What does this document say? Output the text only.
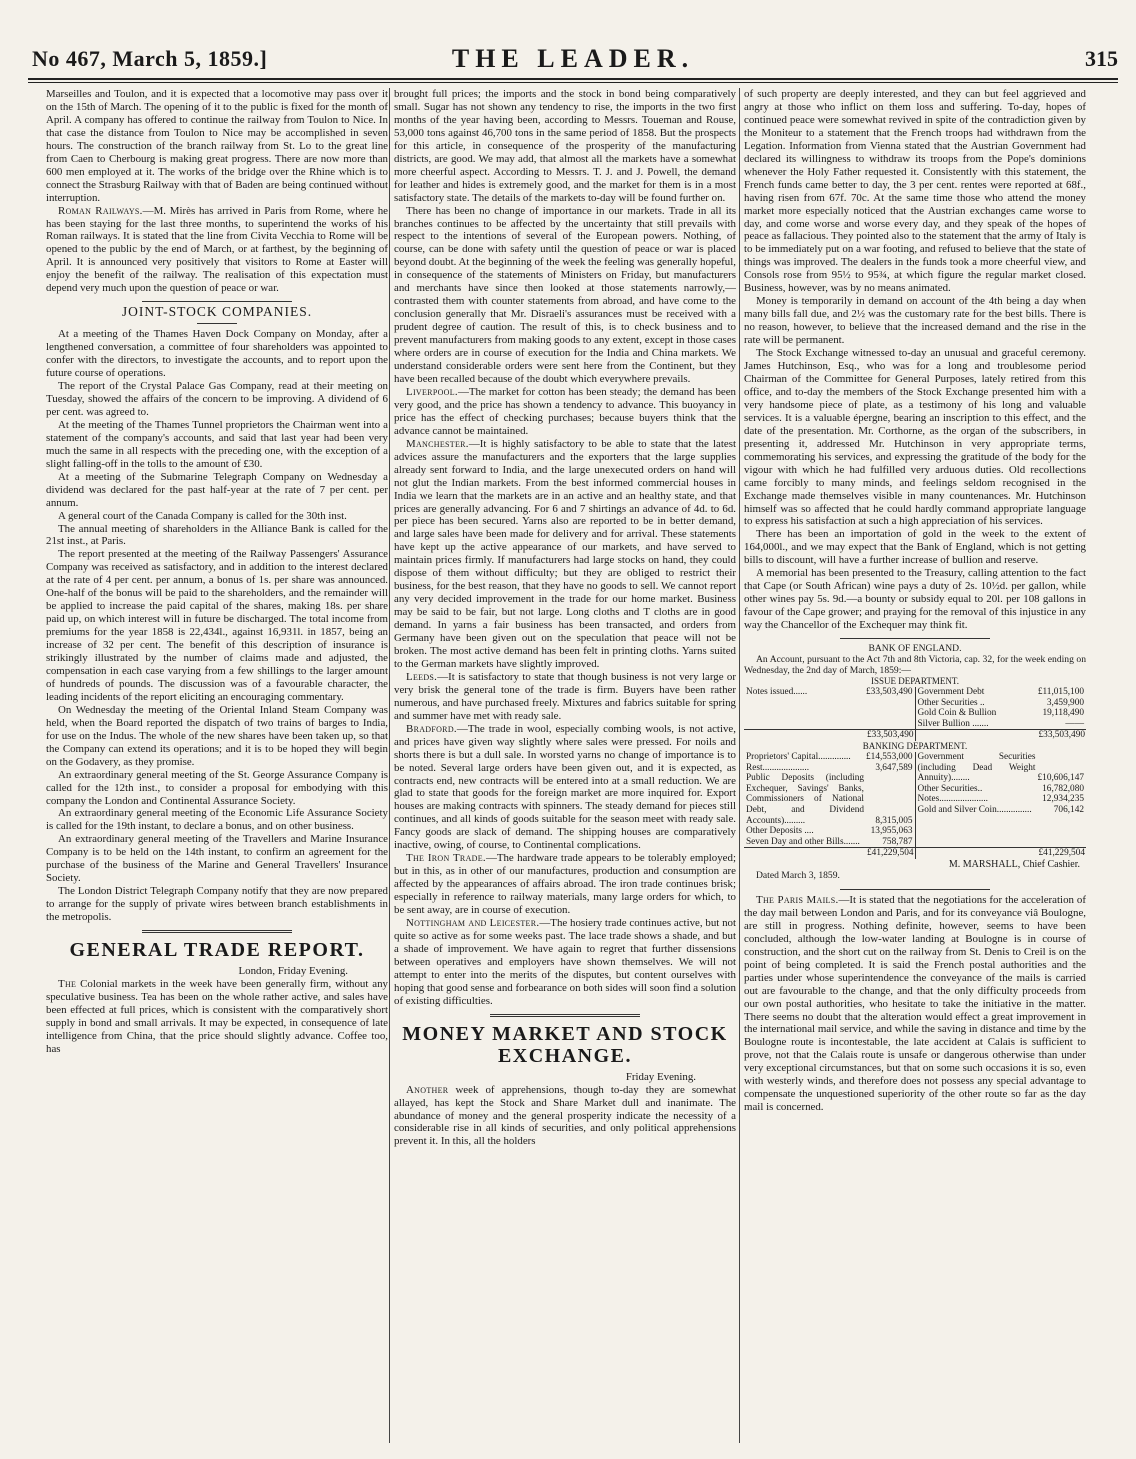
No 467, March 5, 1859.]	THE LEADER.	315

Marseilles and Toulon, and it is expected that a locomotive may pass over it on the 15th of March. The opening of it to the public is fixed for the month of April. A company has offered to continue the railway from Toulon to Nice. In that case the distance from Toulon to Nice may be accomplished in seven hours. The construction of the branch railway from St. Lo to the great line from Caen to Cherbourg is making great progress. There are now more than 600 men employed at it. The works of the bridge over the Rhine which is to connect the Strasburg Railway with that of Baden are being continued without interruption.

Roman Railways.—M. Mirès has arrived in Paris from Rome, where he has been staying for the last three months, to superintend the works of his Roman railways. It is stated that the line from Civita Vecchia to Rome will be opened to the public by the end of March, or at farthest, by the beginning of April. It is announced very positively that visitors to Rome at Easter will enjoy the benefit of the railway. The realisation of this expectation must depend very much upon the question of peace or war.

JOINT-STOCK COMPANIES.

At a meeting of the Thames Haven Dock Company on Monday, after a lengthened conversation, a committee of four shareholders was appointed to confer with the directors, to investigate the accounts, and to report upon the future course of operations.

The report of the Crystal Palace Gas Company, read at their meeting on Tuesday, showed the affairs of the concern to be improving. A dividend of 6 per cent. was agreed to.

At the meeting of the Thames Tunnel proprietors the Chairman went into a statement of the company's accounts, and said that last year had been very much the same in all respects with the preceding one, with the exception of a slight falling-off in the tolls to the amount of £30.

At a meeting of the Submarine Telegraph Company on Wednesday a dividend was declared for the past half-year at the rate of 7 per cent. per annum.

A general court of the Canada Company is called for the 30th inst.

The annual meeting of shareholders in the Alliance Bank is called for the 21st inst., at Paris.

The report presented at the meeting of the Railway Passengers' Assurance Company was received as satisfactory, and in addition to the interest declared at the rate of 4 per cent. per annum, a bonus of 1s. per share was announced. One-half of the bonus will be paid to the shareholders, and the remainder will be applied to increase the paid capital of the shares, making 18s. per share paid up, on which interest will in future be discharged. The total income from premiums for the year 1858 is 22,434l., against 16,931l. in 1857, being an increase of 32 per cent. The benefit of this description of insurance is strikingly illustrated by the number of claims made and adjusted, the compensation in each case varying from a few shillings to the larger amount of hundreds of pounds. The discussion was of a favourable character, the leading incidents of the report eliciting an encouraging commentary.

On Wednesday the meeting of the Oriental Inland Steam Company was held, when the Board reported the dispatch of two trains of barges to India, for use on the Indus. The whole of the new shares have been taken up, so that the Company can extend its operations; and it is to be hoped they will begin on the Godavery, as they promise.

An extraordinary general meeting of the St. George Assurance Company is called for the 12th inst., to consider a proposal for embodying with this company the London and Continental Assurance Society.

An extraordinary general meeting of the Economic Life Assurance Society is called for the 19th instant, to declare a bonus, and on other business.

An extraordinary general meeting of the Travellers and Marine Insurance Company is to be held on the 14th instant, to confirm an agreement for the purchase of the business of the Marine and General Travellers' Insurance Society.

The London District Telegraph Company notify that they are now prepared to arrange for the supply of private wires between branch establishments in the metropolis.

GENERAL TRADE REPORT.

London, Friday Evening.

The Colonial markets in the week have been generally firm, without any speculative business. Tea has been on the whole rather active, and sales have been effected at full prices, which is consistent with the comparatively short supply in bond and small arrivals. It may be expected, in consequence of late intelligence from China, that the price should slightly advance. Coffee too, has

brought full prices; the imports and the stock in bond being comparatively small. Sugar has not shown any tendency to rise, the imports in the two first months of the year having been, according to Messrs. Toueman and Rouse, 53,000 tons against 46,700 tons in the same period of 1858. But the prospects for this article, in consequence of the prosperity of the manufacturing districts, are good. We may add, that almost all the markets have a somewhat more cheerful aspect. According to Messrs. T. J. and J. Powell, the demand for leather and hides is extremely good, and the market for them is in a most satisfactory state. The details of the markets to-day will be found further on.

There has been no change of importance in our markets. Trade in all its branches continues to be affected by the uncertainty that still prevails with respect to the intentions of several of the European powers. Nothing, of course, can be done with safety until the question of peace or war is placed beyond doubt. At the beginning of the week the feeling was generally hopeful, in consequence of the statements of Ministers on Friday, but manufacturers and merchants have since then looked at those statements narrowly,—contrasted them with counter statements from abroad, and have come to the conclusion generally that Mr. Disraeli's assurances must be received with a prudent degree of caution. The result of this, is to check business and to prevent manufacturers from making goods to any extent, except in those cases where orders are in course of execution for the India and China markets. We understand considerable orders were sent here from the Continent, but they have been recalled because of the doubt which everywhere prevails.

Liverpool.—The market for cotton has been steady; the demand has been very good, and the price has shown a tendency to advance. This buoyancy in price has the effect of checking purchases; because buyers think that the advance cannot be maintained.

Manchester.—It is highly satisfactory to be able to state that the latest advices assure the manufacturers and the exporters that the large supplies already sent forward to India, and the large unexecuted orders on hand will not glut the Indian markets. From the best informed commercial houses in India we learn that the markets are in an active and an healthy state, and that prices are generally advancing. For 6 and 7 shirtings an advance of 4d. to 6d. per piece has been secured. Yarns also are reported to be in better demand, and large sales have been made for delivery and for arrival. These statements have kept up the active appearance of our markets, and have served to maintain prices firmly. If manufacturers had large stocks on hand, they could dispose of them without difficulty; but they are obliged to restrict their business, for the best reason, that they have no goods to sell. We cannot report any very decided improvement in the trade for our home market. Business may be said to be fair, but not large. Long cloths and T cloths are in good demand. In yarns a fair business has been transacted, and orders from Germany have been given out on the speculation that peace will not be broken. The most active demand has been felt in printing cloths. Yarns suited to the German markets have slightly improved.

Leeds.—It is satisfactory to state that though business is not very large or very brisk the general tone of the trade is firm. Buyers have been rather numerous, and have purchased freely. Mixtures and fabrics suitable for spring and summer have met with ready sale.

Bradford.—The trade in wool, especially combing wools, is not active, and prices have given way slightly where sales were pressed. For noils and shorts there is but a dull sale. In worsted yarns no change of importance is to be noted. Several large orders have been given out, and it is expected, as contracts end, new contracts will be entered into at a small reduction. We are glad to state that goods for the foreign market are more inquired for. Export houses are making contracts with spinners. The steady demand for pieces still continues, and all kinds of goods suitable for the season meet with ready sale. Fancy goods are slack of demand. The shipping houses are comparatively inactive, owing, of course, to Continental complications.

The Iron Trade.—The hardware trade appears to be tolerably employed; but in this, as in other of our manufactures, production and consumption are affected by the appearances of affairs abroad. The iron trade continues brisk; especially in reference to railway materials, many large orders for which, to be sent away, are in course of execution.

Nottingham and Leicester.—The hosiery trade continues active, but not quite so active as for some weeks past. The lace trade shows a shade, and but a shade of improvement. We have again to regret that further dissensions between operatives and employers have shown themselves. We will not attempt to enter into the merits of the disputes, but content ourselves with hoping that good sense and forbearance on both sides will soon find a solution of existing difficulties.

MONEY MARKET AND STOCK EXCHANGE.

Friday Evening.

Another week of apprehensions, though to-day they are somewhat allayed, has kept the Stock and Share Market dull and inanimate. The abundance of money and the general prosperity indicate the necessity of a considerable rise in all kinds of securities, and only political apprehensions prevent it. In this, all the holders

of such property are deeply interested, and they can but feel aggrieved and angry at those who inflict on them loss and suffering. To-day, hopes of continued peace were somewhat revived in spite of the contradiction given by the Moniteur to a statement that the French troops had withdrawn from the Legation. Information from Vienna stated that the Austrian Government had declared its willingness to withdraw its troops from the Pope's dominions whenever the Holy Father requested it. Consistently with this statement, the French funds came better to day, the 3 per cent. rentes were reported at 68f., having risen from 67f. 70c. At the same time those who attend the money market more especially noticed that the Austrian exchanges came worse to day, and come worse and worse every day, and they speak of the hopes of peace as fallacious. They pointed also to the statement that the army of Italy is to be immediately put on a war footing, and refused to believe that the state of things was improved. The dealers in the funds took a more cheerful view, and Consols rose from 95½ to 95¾, at which figure the regular market closed. Business, however, was by no means animated.

Money is temporarily in demand on account of the 4th being a day when many bills fall due, and 2½ was the customary rate for the best bills. There is no reason, however, to believe that the increased demand and the rise in the rate will be permanent.

The Stock Exchange witnessed to-day an unusual and graceful ceremony. James Hutchinson, Esq., who was for a long and troublesome period Chairman of the Committee for General Purposes, lately retired from this office, and to-day the members of the Stock Exchange presented him with a very handsome piece of plate, as a testimony of his long and valuable services. It is a valuable épergne, bearing an inscription to this effect, and the date of the presentation. Mr. Corthorne, as the organ of the subscribers, in presenting it, addressed Mr. Hutchinson in very appropriate terms, commemorating his services, and expressing the gratitude of the body for the vigour with which he had fulfilled very arduous duties. Old recollections came forcibly to many minds, and feelings seldom recognised in the Exchange made themselves visible in many countenances. Mr. Hutchinson himself was so affected that he could hardly command appropriate language to express his satisfaction at such a high appreciation of his services.

There has been an importation of gold in the week to the extent of 164,000l., and we may expect that the Bank of England, which is not getting bills to discount, will have a further increase of bullion and reserve.

A memorial has been presented to the Treasury, calling attention to the fact that Cape (or South African) wine pays a duty of 2s. 10½d. per gallon, while other wines pay 5s. 9d.—a bounty or subsidy equal to 20l. per 108 gallons in favour of the Cape grower; and praying for the removal of this injustice in any way the Chancellor of the Exchequer may think fit.

BANK OF ENGLAND.

An Account, pursuant to the Act 7th and 8th Victoria, cap. 32, for the week ending on Wednesday, the 2nd day of March, 1859:—

ISSUE DEPARTMENT.
Notes issued......	£33,503,490
	Government Debt	£11,015,100
Other Securities ..	3,459,900
Gold Coin & Bullion	19,118,490
Silver Bullion .......	——

£33,503,490	£33,503,490
BANKING DEPARTMENT.
Proprietors' Capital..............	£14,553,000
Rest....................	3,647,589
Public Deposits (including Exchequer, Savings' Banks, Commissioners of National Debt, and Dividend Accounts).........	8,315,005
Other Deposits ....	13,955,063
Seven Day and other Bills.......	758,787

Government Securities (including Dead Weight Annuity)........	£10,606,147
Other Securities..	16,782,080
Notes.....................	12,934,235
Gold and Silver Coin...............	706,142

£41,229,504	£41,229,504
M. MARSHALL, Chief Cashier.
Dated March 3, 1859.

The Paris Mails.—It is stated that the negotiations for the acceleration of the day mail between London and Paris, and for its conveyance viâ Boulogne, are still in progress. Nothing definite, however, seems to have been concluded, although the low-water landing at Boulogne is in course of construction, and the short cut on the railway from St. Denis to Creil is on the point of being completed. It is said the French postal authorities and the parties under whose superintendence the conveyance of the mails is carried out are favourable to the change, and that the only difficulty proceeds from our own postal authorities, who hesitate to take the initiative in the matter. There seems no doubt that the alteration would effect a great improvement in the international mail service, and while the saving in distance and time by the Boulogne route is incontestable, the late accident at Calais is sufficient to prove, not that the Calais route is unsafe or dangerous otherwise than under very exceptional circumstances, but that on some such occasions it is so, even with westerly winds, and therefore does not possess any special advantage to compensate the unquestioned superiority of the other route so far as the day mail is concerned.
